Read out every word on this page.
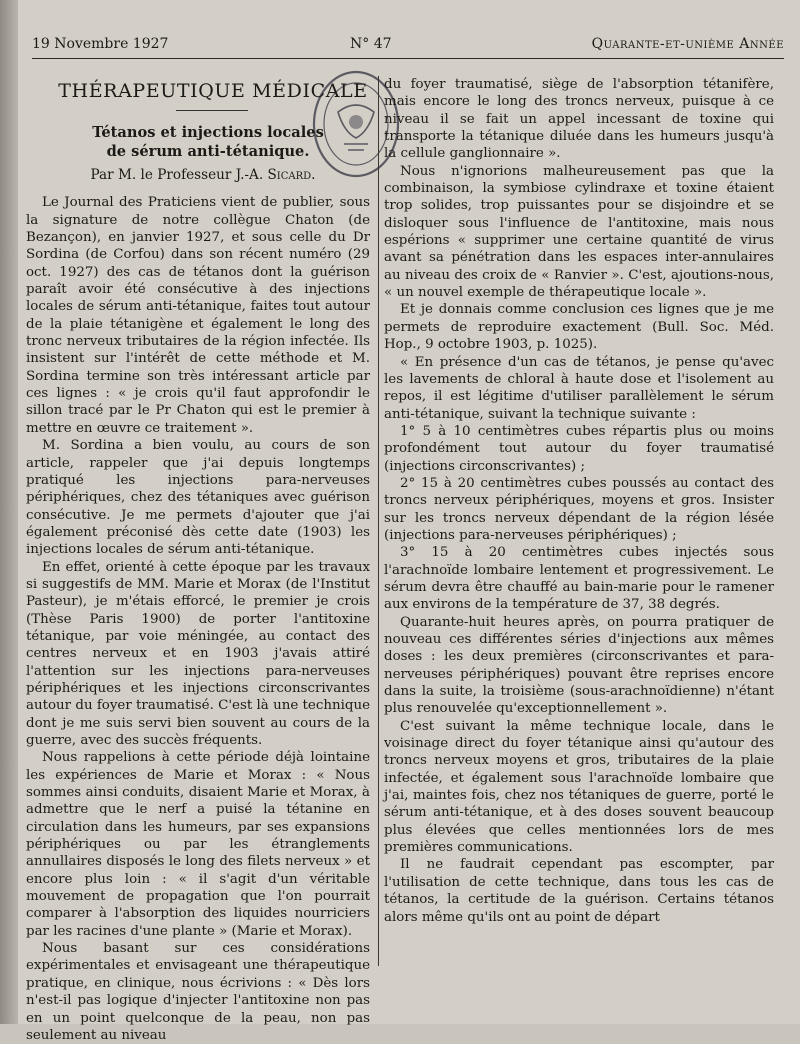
19 Novembre 1927	N° 47	Quarante-et-unième Année
THÉRAPEUTIQUE MÉDICALE
Tétanos et injections locales
de sérum anti-tétanique.
Par M. le Professeur J.-A. Sicard.

Le Journal des Praticiens vient de publier, sous la signature de notre collègue Chaton (de Bezançon), en janvier 1927, et sous celle du Dr Sordina (de Corfou) dans son récent numéro (29 oct. 1927) des cas de tétanos dont la guérison paraît avoir été consécutive à des injections locales de sérum anti-tétanique, faites tout autour de la plaie tétanigène et également le long des tronc nerveux tributaires de la région infectée. Ils insistent sur l'intérêt de cette méthode et M. Sordina termine son très intéressant article par ces lignes : « je crois qu'il faut approfondir le sillon tracé par le Pr Chaton qui est le premier à mettre en œuvre ce traitement ».

M. Sordina a bien voulu, au cours de son article, rappeler que j'ai depuis longtemps pratiqué les injections para-nerveuses périphériques, chez des tétaniques avec guérison consécutive. Je me permets d'ajouter que j'ai également préconisé dès cette date (1903) les injections locales de sérum anti-tétanique.

En effet, orienté à cette époque par les travaux si suggestifs de MM. Marie et Morax (de l'Institut Pasteur), je m'étais efforcé, le premier je crois (Thèse Paris 1900) de porter l'antitoxine tétanique, par voie méningée, au contact des centres nerveux et en 1903 j'avais attiré l'attention sur les injections para-nerveuses périphériques et les injections circonscrivantes autour du foyer traumatisé. C'est là une technique dont je me suis servi bien souvent au cours de la guerre, avec des succès fréquents.

Nous rappelions à cette période déjà lointaine les expériences de Marie et Morax : « Nous sommes ainsi conduits, disaient Marie et Morax, à admettre que le nerf a puisé la tétanine en circulation dans les humeurs, par ses expansions périphériques ou par les étranglements annullaires disposés le long des filets nerveux » et encore plus loin : « il s'agit d'un véritable mouvement de propagation que l'on pourrait comparer à l'absorption des liquides nourriciers par les racines d'une plante » (Marie et Morax).

Nous basant sur ces considérations expérimentales et envisageant une thérapeutique pratique, en clinique, nous écrivions : « Dès lors n'est-il pas logique d'injecter l'antitoxine non pas en un point quelconque de la peau, non pas seulement au niveau

du foyer traumatisé, siège de l'absorption tétanifère, mais encore le long des troncs nerveux, puisque à ce niveau il se fait un appel incessant de toxine qui transporte la tétanique diluée dans les humeurs jusqu'à la cellule ganglionnaire ».

Nous n'ignorions malheureusement pas que la combinaison, la symbiose cylindraxe et toxine étaient trop solides, trop puissantes pour se disjoindre et se disloquer sous l'influence de l'antitoxine, mais nous espérions « supprimer une certaine quantité de virus avant sa pénétration dans les espaces inter-annulaires au niveau des croix de « Ranvier ». C'est, ajoutions-nous, « un nouvel exemple de thérapeutique locale ».

Et je donnais comme conclusion ces lignes que je me permets de reproduire exactement (Bull. Soc. Méd. Hop., 9 octobre 1903, p. 1025).

« En présence d'un cas de tétanos, je pense qu'avec les lavements de chloral à haute dose et l'isolement au repos, il est légitime d'utiliser parallèlement le sérum anti-tétanique, suivant la technique suivante :

1° 5 à 10 centimètres cubes répartis plus ou moins profondément tout autour du foyer traumatisé (injections circonscrivantes) ;

2° 15 à 20 centimètres cubes poussés au contact des troncs nerveux périphériques, moyens et gros. Insister sur les troncs nerveux dépendant de la région lésée (injections para-nerveuses périphériques) ;

3° 15 à 20 centimètres cubes injectés sous l'arachnoïde lombaire lentement et progressivement. Le sérum devra être chauffé au bain-marie pour le ramener aux environs de la température de 37, 38 degrés.

Quarante-huit heures après, on pourra pratiquer de nouveau ces différentes séries d'injections aux mêmes doses : les deux premières (circonscrivantes et para-nerveuses périphériques) pouvant être reprises encore dans la suite, la troisième (sous-arachnoïdienne) n'étant plus renouvelée qu'exceptionnellement ».

C'est suivant la même technique locale, dans le voisinage direct du foyer tétanique ainsi qu'autour des troncs nerveux moyens et gros, tributaires de la plaie infectée, et également sous l'arachnoïde lombaire que j'ai, maintes fois, chez nos tétaniques de guerre, porté le sérum anti-tétanique, et à des doses souvent beaucoup plus élevées que celles mentionnées lors de mes premières communications.

Il ne faudrait cependant pas escompter, par l'utilisation de cette technique, dans tous les cas de tétanos, la certitude de la guérison. Certains tétanos alors même qu'ils ont au point de départ
